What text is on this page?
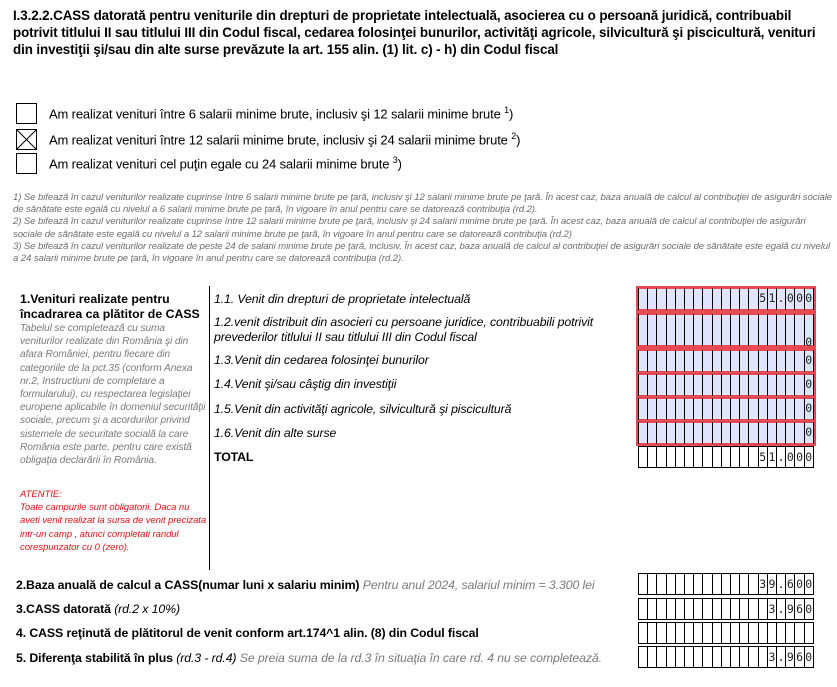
I.3.2.2.CASS datorată pentru veniturile din drepturi de proprietate intelectuală, asocierea cu o persoană juridică, contribuabil potrivit titlului II sau titlului III din Codul fiscal, cedarea folosinţei bunurilor, activităţi agricole, silvicultură şi piscicultură, venituri din investiţii şi/sau din alte surse prevăzute la art. 155 alin. (1) lit. c) - h) din Codul fiscal
Am realizat venituri între 6 salarii minime brute, inclusiv şi 12 salarii minime brute $^1$)
Am realizat venituri între 12 salarii minime brute, inclusiv şi 24 salarii minime brute $^2$)
Am realizat venituri cel puţin egale cu 24 salarii minime brute $^3$)
1) Se bifează în cazul veniturilor realizate cuprinse între 6 salarii minime brute pe ţară, inclusiv şi 12 salarii minime brute pe ţară. În acest caz, baza anuală de calcul al contribuţiei de asigurări sociale de sănătate este egală cu nivelul a 6 salarii minime brute pe ţară, în vigoare în anul pentru care se datorează contribuţia (rd.2).
2) Se bifează în cazul veniturilor realizate cuprinse între 12 salarii minime brute pe ţară, inclusiv şi 24 salarii minime brute pe ţară. În acest caz, baza anuală de calcul al contribuţiei de asigurări sociale de sănătate este egală cu nivelul a 12 salarii minime brute pe ţară, în vigoare în anul pentru care se datorează contribuţia (rd.2)
3) Se bifează în cazul veniturilor realizate de peste 24 de salarii minime brute pe ţară, inclusiv. În acest caz, baza anuală de calcul al contribuţiei de asigurări sociale de sănătate este egală cu nivelul a 24 salarii minime brute pe ţară, în vigoare în anul pentru care se datorează contribuţia (rd.2).
1.Venituri realizate pentru încadrarea ca plătitor de CASS
Tabelul se completează cu suma veniturilor realizate din România şi din afara României, pentru fiecare din categoriile de la pct.35 (conform Anexa nr.2, Instructiuni de completare a formularului), cu respectarea legislaţiei europene aplicabile în domeniul securităţii sociale, precum şi a acordurilor privind sistemele de securitate socială la care România este parte, pentru care există obligaţia declarării în România.
ATENTIE:
Toate campurile sunt obligatorii. Daca nu aveti venit realizat la sursa de venit precizata intr-un camp , atunci completati randul corespunzator cu 0 (zero).
1.1. Venit din drepturi de proprietate intelectuală
1.2.venit distribuit din asocieri cu persoane juridice, contribuabili potrivit prevederilor titlului II sau titlului III din Codul fiscal
1.3.Venit din cedarea folosinţei bunurilor
1.4.Venit şi/sau câştig din investiţii
1.5.Venit din activităţi agricole, silvicultură şi piscicultură
1.6.Venit din alte surse
TOTAL
5 1 . 0 0 0
0
0
0
0
0
5 1 . 0 0 0
2.Baza anuală de calcul a CASS(numar luni x salariu minim) Pentru anul 2024, salariul minim = 3.300 lei
3.CASS datorată (rd.2 x 10%)
4. CASS reţinută de plătitorul de venit conform art.174^1 alin. (8) din Codul fiscal
5. Diferenţa stabilită în plus (rd.3 - rd.4) Se preia suma de la rd.3 în situaţia în care rd. 4 nu se completează.
3 9 . 6 0 0
3 . 9 6 0
3 . 9 6 0
